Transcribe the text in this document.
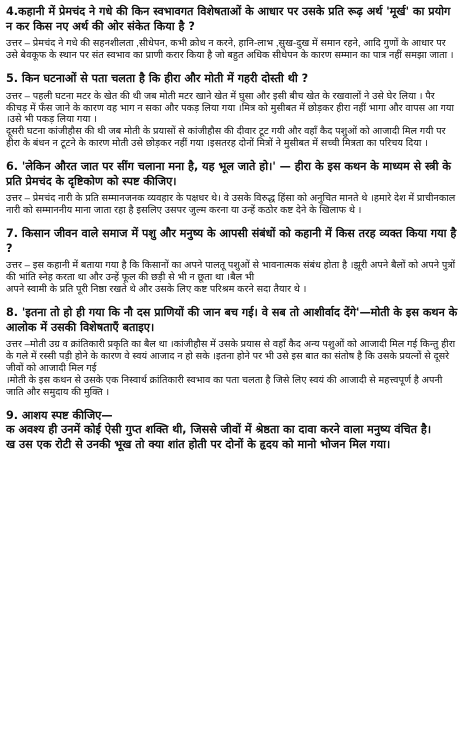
4.कहानी में प्रेमचंद ने गधे की किन स्वभावगत विशेषताओं के आधार पर उसके प्रति रूढ़ अर्थ 'मूर्ख' का प्रयोग न कर किस नए अर्थ की ओर संकेत किया है ?

उत्तर – प्रेमचंद ने गधे की सहनशीलता ,सीधेपन, कभी क्रोध न करने, हानि-लाभ ,सुख-दुख में समान रहने, आदि गुणों के आधार पर उसे बेवकूफ के स्थान पर संत स्वभाव का प्राणी करार किया है जो बहुत अधिक सीधेपन के कारण सम्मान का पात्र नहीं समझा जाता ।

5. किन घटनाओं से पता चलता है कि हीरा और मोती में गहरी दोस्ती थी ?

उत्तर – पहली घटना मटर के खेत की थी जब मोती मटर खाने खेत में घुसा और इसी बीच खेत के रखवालों ने उसे घेर लिया । पैर कीचड़ में फँस जाने के कारण वह भाग न सका और पकड़ लिया गया ।मित्र को मुसीबत में छोड़कर हीरा नहीं भागा और वापस आ गया ।उसे भी पकड़ लिया गया ।
दूसरी घटना कांजीहौस की थी जब मोती के प्रयासों से कांजीहौस की दीवार टूट गयी और वहाँ कैद पशुओं को आजादी मिल गयी पर हीरा के बंधन न टूटने के कारण मोती उसे छोड़कर नहीं गया ।इसतरह दोनों मित्रों ने मुसीबत में सच्ची मित्रता का परिचय दिया ।

6. 'लेकिन औरत जात पर सींग चलाना मना है, यह भूल जाते हो।' — हीरा के इस कथन के माध्यम से स्त्री के प्रति प्रेमचंद के दृष्टिकोण को स्पष्ट कीजिए।

उत्तर – प्रेमचंद नारी के प्रति सम्मानजनक व्यवहार के पक्षधर थे। वे उसके विरुद्ध हिंसा को अनुचित मानते थे ।हमारे देश में प्राचीनकाल नारी को सम्माननीय माना जाता रहा है इसलिए उसपर जुल्म करना या उन्हें कठोर कष्ट देने के खिलाफ थे ।

7. किसान जीवन वाले समाज में पशु और मनुष्य के आपसी संबंधों को कहानी में किस तरह व्यक्त किया गया है ?

उत्तर – इस कहानी में बताया गया है कि किसानों का अपने पालतू पशुओं से भावनात्मक संबंध होता है ।झूरी अपने बैलों को अपने पुत्रों की भांति स्नेह करता था और उन्हें फूल की छड़ी से भी न छूता था ।बैल भी
अपने स्वामी के प्रति पूरी निष्ठा रखते थे और उसके लिए कष्ट परिश्रम करने सदा तैयार थे ।

8. 'इतना तो हो ही गया कि नौ दस प्राणियों की जान बच गई। वे सब तो आशीर्वाद देंगे'—मोती के इस कथन के आलोक में उसकी विशेषताएँ बताइए।

उत्तर –मोती उग्र व क्रांतिकारी प्रकृति का बैल था ।कांजीहौस में उसके प्रयास से वहाँ कैद अन्य पशुओं को आजादी मिल गई किन्तु हीरा के गले में रस्सी पड़ी होने के कारण वे स्वयं आजाद न हो सके ।इतना होने पर भी उसे इस बात का संतोष है कि उसके प्रयत्नों से दूसरे जीवों को आजादी मिल गई
।मोती के इस कथन से उसके एक निस्वार्थ क्रांतिकारी स्वभाव का पता चलता है जिसे लिए स्वयं की आजादी से महत्त्वपूर्ण है अपनी जाति और समुदाय की मुक्ति ।

9. आशय स्पष्ट कीजिए—
क अवश्य ही उनमें कोई ऐसी गुप्त शक्ति थी, जिससे जीवों में श्रेष्ठता का दावा करने वाला मनुष्य वंचित है।
ख उस एक रोटी से उनकी भूख तो क्या शांत होती पर दोनों के हृदय को मानो भोजन मिल गया।
